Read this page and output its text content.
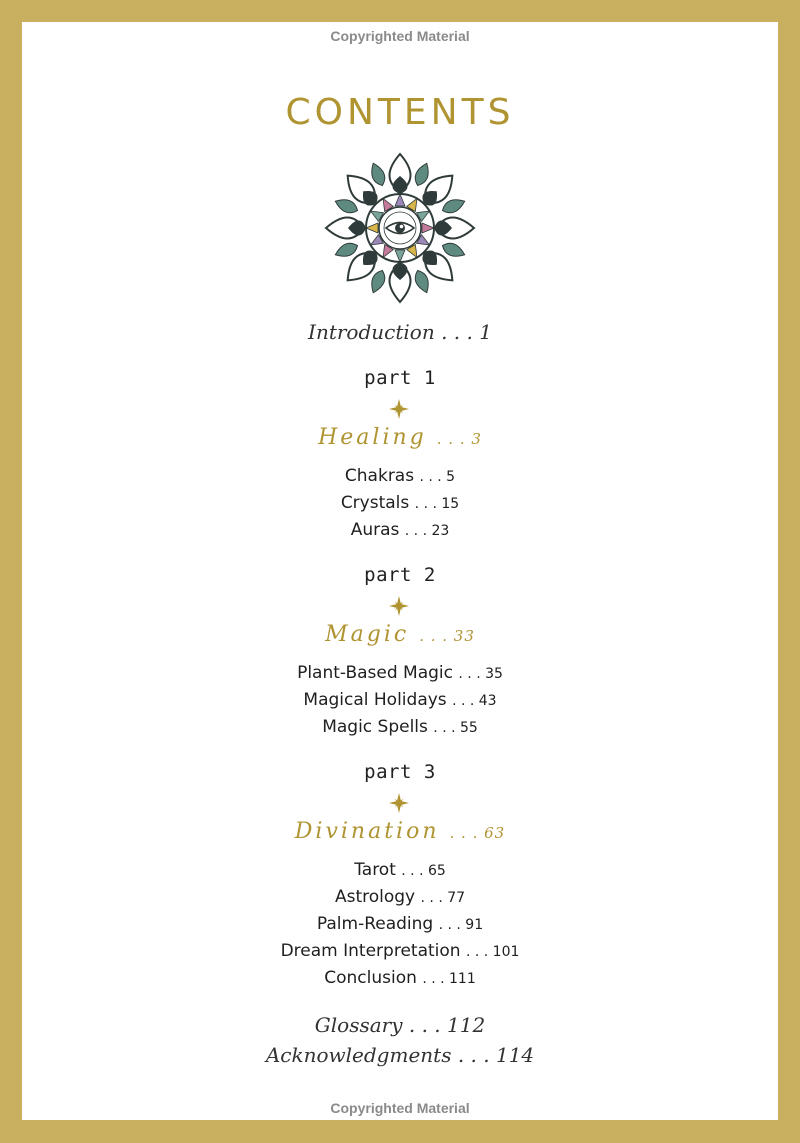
Copyrighted Material
CONTENTS
Introduction . . . 1
part 1
Healing . . . 3
Chakras . . . 5
Crystals . . . 15
Auras . . . 23
part 2
Magic . . . 33
Plant-Based Magic . . . 35
Magical Holidays . . . 43
Magic Spells . . . 55
part 3
Divination . . . 63
Tarot . . . 65
Astrology . . . 77
Palm-Reading . . . 91
Dream Interpretation . . . 101
Conclusion . . . 111
Glossary . . . 112
Acknowledgments . . . 114
Copyrighted Material
